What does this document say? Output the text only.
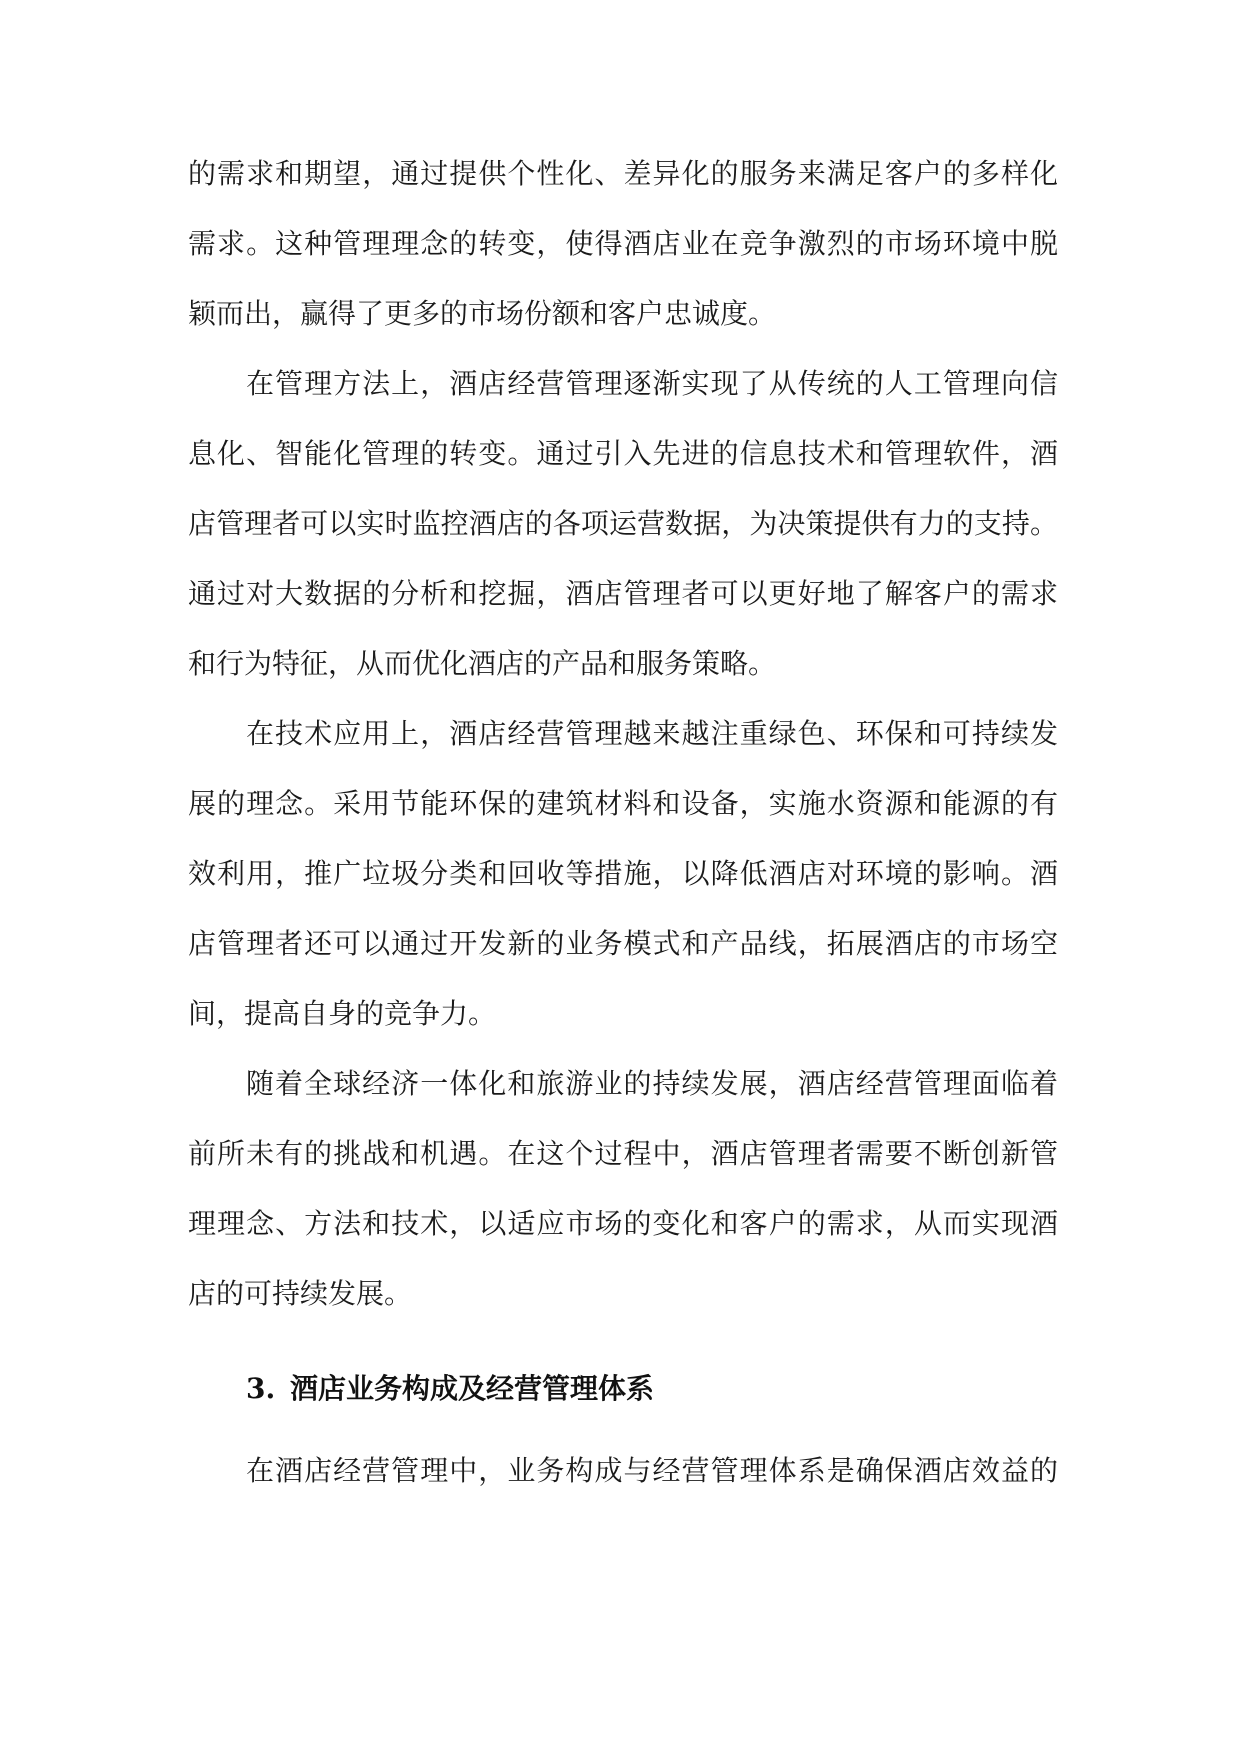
的需求和期望，通过提供个性化、差异化的服务来满足客户的多样化
需求。这种管理理念的转变，使得酒店业在竞争激烈的市场环境中脱
颖而出，赢得了更多的市场份额和客户忠诚度。
在管理方法上，酒店经营管理逐渐实现了从传统的人工管理向信
息化、智能化管理的转变。通过引入先进的信息技术和管理软件，酒
店管理者可以实时监控酒店的各项运营数据，为决策提供有力的支持。
通过对大数据的分析和挖掘，酒店管理者可以更好地了解客户的需求
和行为特征，从而优化酒店的产品和服务策略。
在技术应用上，酒店经营管理越来越注重绿色、环保和可持续发
展的理念。采用节能环保的建筑材料和设备，实施水资源和能源的有
效利用，推广垃圾分类和回收等措施，以降低酒店对环境的影响。酒
店管理者还可以通过开发新的业务模式和产品线，拓展酒店的市场空
间，提高自身的竞争力。
随着全球经济一体化和旅游业的持续发展，酒店经营管理面临着
前所未有的挑战和机遇。在这个过程中，酒店管理者需要不断创新管
理理念、方法和技术，以适应市场的变化和客户的需求，从而实现酒
店的可持续发展。
3. 酒店业务构成及经营管理体系
在酒店经营管理中，业务构成与经营管理体系是确保酒店效益的
